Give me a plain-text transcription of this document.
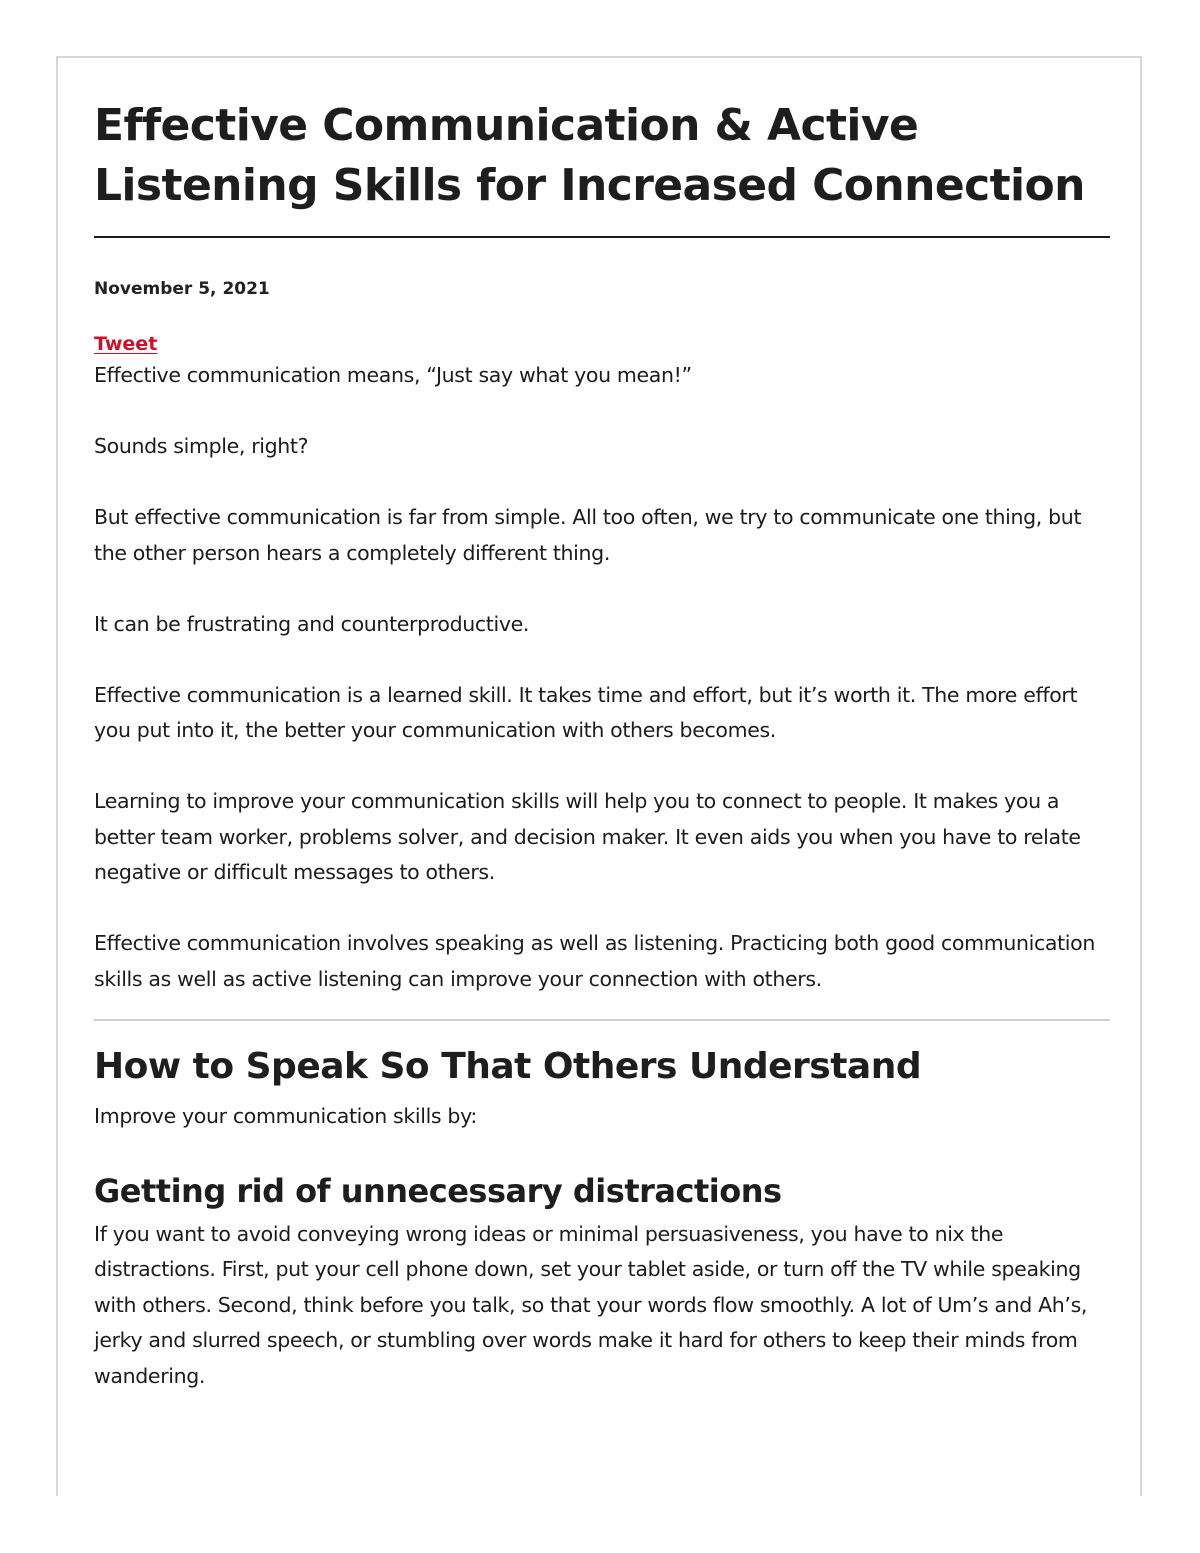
Effective Communication & Active Listening Skills for Increased Connection
November 5, 2021
Tweet

Effective communication means, “Just say what you mean!”

Sounds simple, right?

But effective communication is far from simple. All too often, we try to communicate one thing, but the other person hears a completely different thing.

It can be frustrating and counterproductive.

Effective communication is a learned skill. It takes time and effort, but it’s worth it. The more effort you put into it, the better your communication with others becomes.

Learning to improve your communication skills will help you to connect to people. It makes you a better team worker, problems solver, and decision maker. It even aids you when you have to relate negative or difficult messages to others.

Effective communication involves speaking as well as listening. Practicing both good communication skills as well as active listening can improve your connection with others.

How to Speak So That Others Understand

Improve your communication skills by:

Getting rid of unnecessary distractions

If you want to avoid conveying wrong ideas or minimal persuasiveness, you have to nix the distractions. First, put your cell phone down, set your tablet aside, or turn off the TV while speaking with others. Second, think before you talk, so that your words flow smoothly. A lot of Um’s and Ah’s, jerky and slurred speech, or stumbling over words make it hard for others to keep their minds from wandering.
